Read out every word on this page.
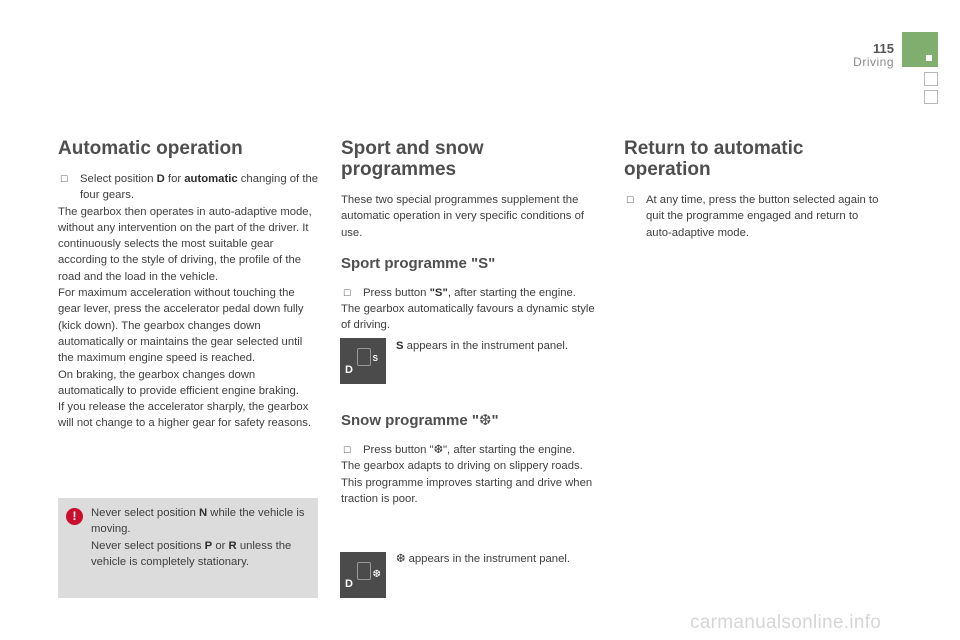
115
Driving
Automatic operation

☐ Select position D for automatic changing of the four gears.

The gearbox then operates in auto-adaptive mode, without any intervention on the part of the driver. It continuously selects the most suitable gear according to the style of driving, the profile of the road and the load in the vehicle.

For maximum acceleration without touching the gear lever, press the accelerator pedal down fully (kick down). The gearbox changes down automatically or maintains the gear selected until the maximum engine speed is reached.

On braking, the gearbox changes down automatically to provide efficient engine braking.

If you release the accelerator sharply, the gearbox will not change to a higher gear for safety reasons.

!	Never select position N while the vehicle is moving.

Never select positions P or R unless the vehicle is completely stationary.

Sport and snow programmes

These two special programmes supplement the automatic operation in very specific conditions of use.

Sport programme "S"

☐ Press button "S", after starting the engine.

The gearbox automatically favours a dynamic style of driving.

D
S
S appears in the instrument panel.
Snow programme "❆"

☐ Press button "❆", after starting the engine.

The gearbox adapts to driving on slippery roads.

This programme improves starting and drive when traction is poor.

D
❆
❆ appears in the instrument panel.
Return to automatic operation

☐ At any time, press the button selected again to quit the programme engaged and return to auto-adaptive mode.

carmanualsonline.info
